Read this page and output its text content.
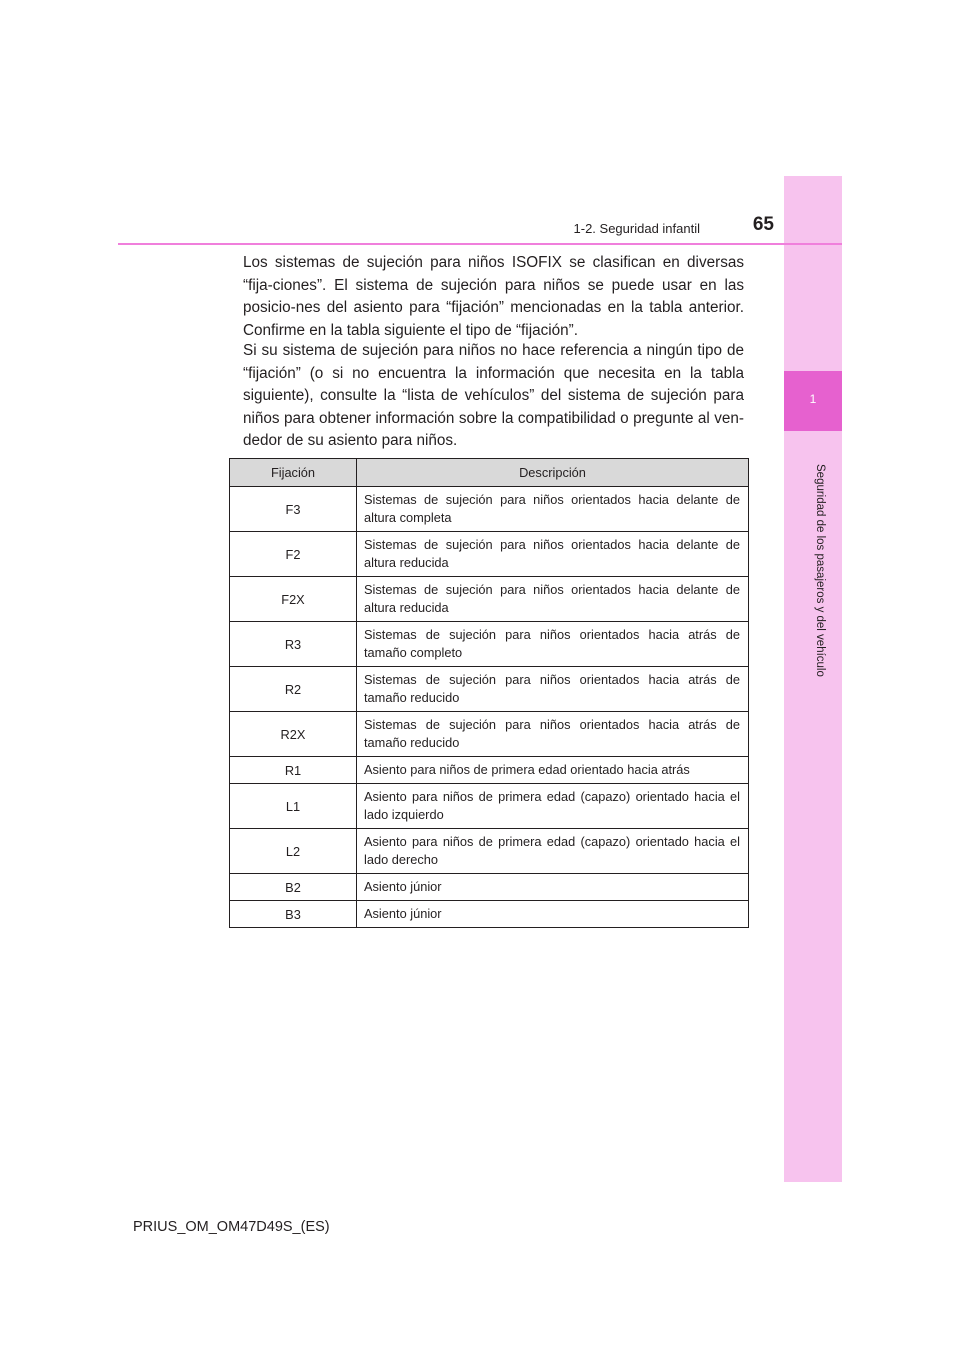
1
Seguridad de los pasajeros y del vehículo
1-2. Seguridad infantil	65

Los sistemas de sujeción para niños ISOFIX se clasifican en diversas “fija-ciones”. El sistema de sujeción para niños se puede usar en las posicio-nes del asiento para “fijación” mencionadas en la tabla anterior. Confirme en la tabla siguiente el tipo de “fijación”.

Si su sistema de sujeción para niños no hace referencia a ningún tipo de “fijación” (o si no encuentra la información que necesita en la tabla siguiente), consulte la “lista de vehículos” del sistema de sujeción para niños para obtener información sobre la compatibilidad o pregunte al ven-dedor de su asiento para niños.

Fijación	Descripción
F3	Sistemas de sujeción para niños orientados hacia delante de altura completa
F2	Sistemas de sujeción para niños orientados hacia delante de altura reducida
F2X	Sistemas de sujeción para niños orientados hacia delante de altura reducida
R3	Sistemas de sujeción para niños orientados hacia atrás de tamaño completo
R2	Sistemas de sujeción para niños orientados hacia atrás de tamaño reducido
R2X	Sistemas de sujeción para niños orientados hacia atrás de tamaño reducido
R1	Asiento para niños de primera edad orientado hacia atrás
L1	Asiento para niños de primera edad (capazo) orientado hacia el lado izquierdo
L2	Asiento para niños de primera edad (capazo) orientado hacia el lado derecho
B2	Asiento júnior
B3	Asiento júnior
PRIUS_OM_OM47D49S_(ES)
